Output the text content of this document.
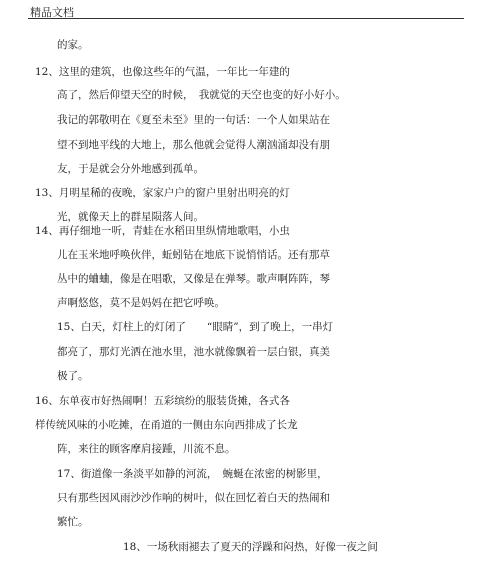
精品文档
的家。
12、这里的建筑，也像这些年的气温，一年比一年建的
高了，然后仰望天空的时候，　我就觉的天空也变的好小好小。
我记的郭敬明在《夏至未至》里的一句话：一个人如果站在
望不到地平线的大地上，那么他就会觉得人潮汹涌却没有朋
友，于是就会分外地感到孤单。
13、月明星稀的夜晚，家家户户的窗户里射出明亮的灯
光，就像天上的群星陨落人间。
14、再仔细地一听，青蛙在水稻田里纵情地歌唱，小虫
儿在玉米地呼唤伙伴，蚯蚓钻在地底下说悄悄话。还有那草
丛中的蛐蛐，像是在唱歌，又像是在弹琴。歌声啊阵阵，琴
声啊悠悠，莫不是妈妈在把它呼唤。
15、白天，灯柱上的灯闭了　　“眼睛”，到了晚上，一串灯
都亮了，那灯光洒在池水里，池水就像飘着一层白银，真美
极了。
16、东单夜市好热闹啊！五彩缤纷的服装货摊，各式各
样传统风味的小吃摊，在甬道的一侧由东向西排成了长龙
阵，来往的顾客摩肩接踵，川流不息。
17、街道像一条淡平如静的河流，　蜿蜒在浓密的树影里，
只有那些因风雨沙沙作响的树叶，似在回忆着白天的热闹和
繁忙。
18、一场秋雨褪去了夏天的浮躁和闷热，好像一夜之间
